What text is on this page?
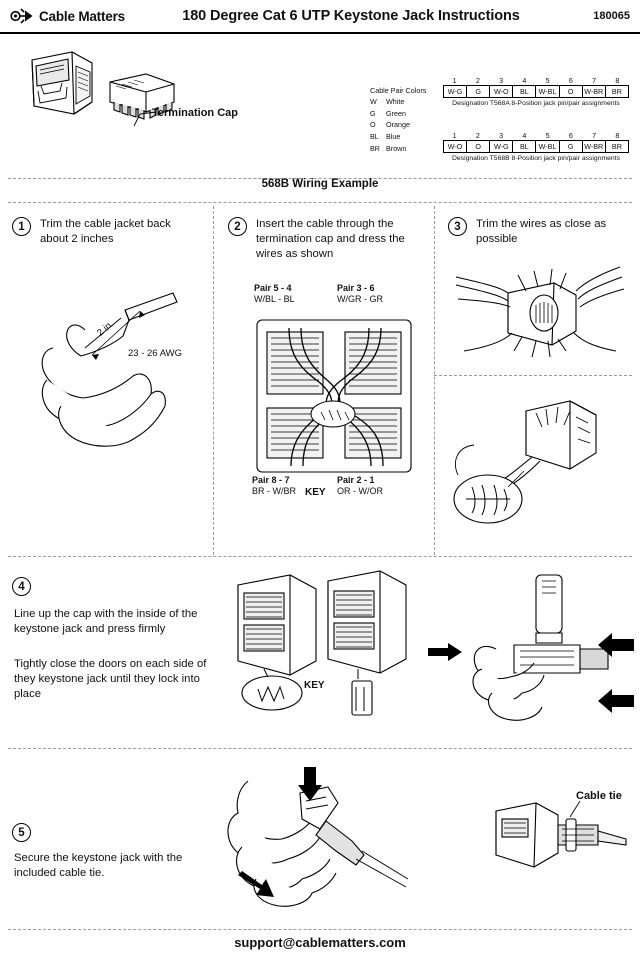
Cable Matters	180 Degree Cat 6 UTP Keystone Jack Instructions	180065
Termination Cap
Cable Pair Colors
W	White
G	Green
O	Orange
BL	Blue
BR Brown
1	2	3	4	5	6	7	8
W-G	G	W-O	BL	W-BL	O	W-BR	BR
Designation T568A 8-Position jack pin/pair assignments
1	2	3	4	5	6	7	8
W-O	O	W-G	BL	W-BL	G	W-BR	BR
Designation T568B 8-Position jack pin/pair assignments
568B Wiring Example
1	Trim the cable jacket back about 2 inches
2 in.
23 - 26 AWG
2	Insert the cable through the termination cap and dress the wires as shown
Pair 5 - 4
W/BL - BL
Pair 3 - 6
W/GR - GR
Pair 8 - 7
BR - W/BR KEY
Pair 2 - 1
OR - W/OR
3	Trim the wires as close as possible
4
Line up the cap with the inside of the keystone jack and press firmly
Tightly close the doors on each side of they keystone jack until they lock into place
KEY
5
Secure the keystone jack with the included cable tie.
Cable tie
support@cablematters.com
